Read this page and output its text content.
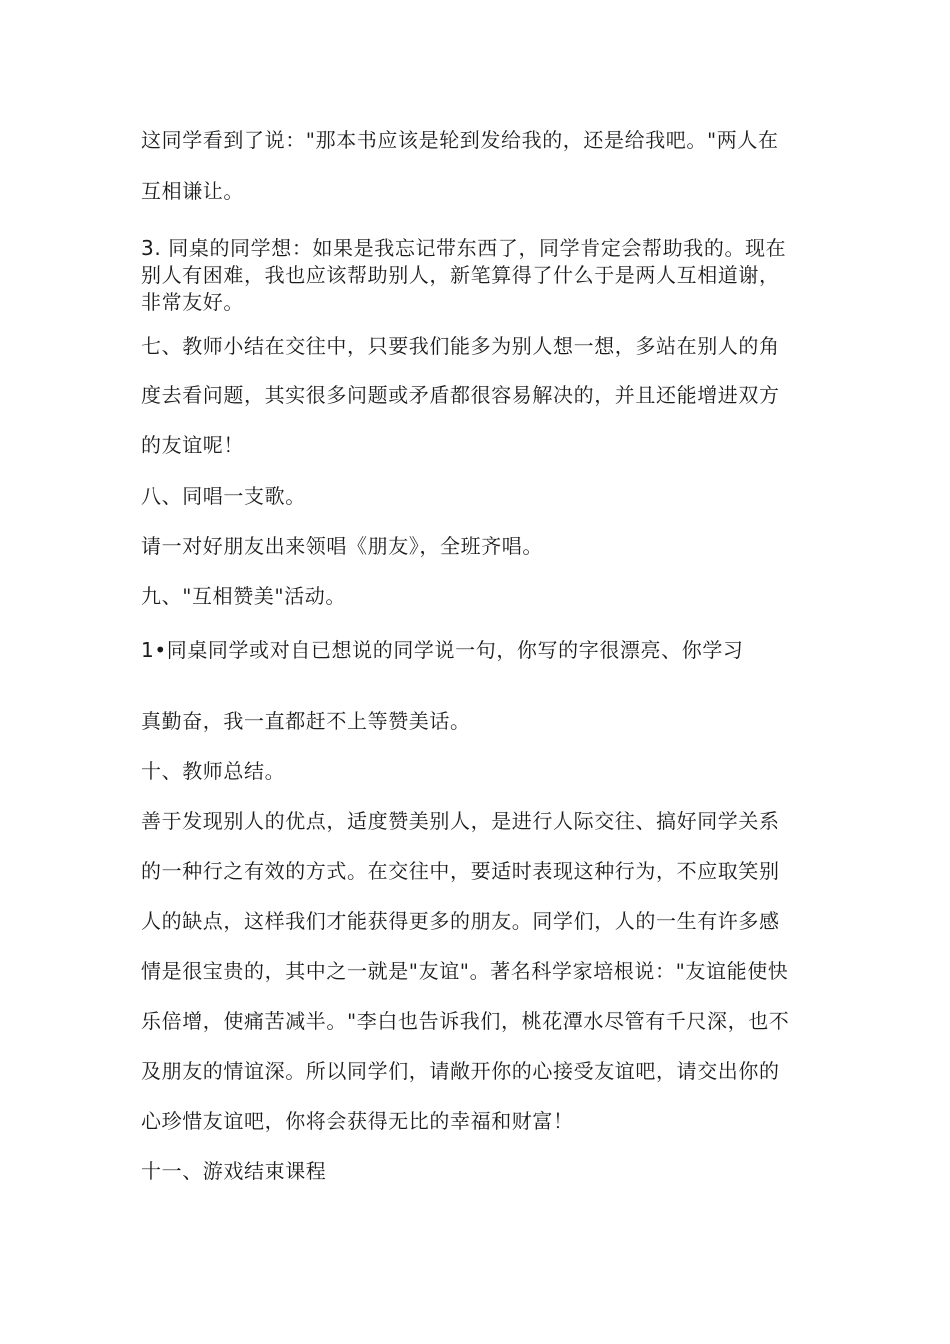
这同学看到了说："那本书应该是轮到发给我的，还是给我吧。"两人在

互相谦让。

3. 同桌的同学想：如果是我忘记带东西了，同学肯定会帮助我的。现在

别人有困难，我也应该帮助别人，新笔算得了什么于是两人互相道谢，

非常友好。

七、教师小结在交往中，只要我们能多为别人想一想，多站在别人的角

度去看问题，其实很多问题或矛盾都很容易解决的，并且还能增进双方

的友谊呢！

八、同唱一支歌。

请一对好朋友出来领唱《朋友》，全班齐唱。

九、"互相赞美"活动。

1•同桌同学或对自已想说的同学说一句，你写的字很漂亮、你学习

真勤奋，我一直都赶不上等赞美话。

十、教师总结。

善于发现别人的优点，适度赞美别人，是进行人际交往、搞好同学关系

的一种行之有效的方式。在交往中，要适时表现这种行为，不应取笑别

人的缺点，这样我们才能获得更多的朋友。同学们，人的一生有许多感

情是很宝贵的，其中之一就是"友谊"。著名科学家培根说："友谊能使快

乐倍增，使痛苦减半。"李白也告诉我们，桃花潭水尽管有千尺深，也不

及朋友的情谊深。所以同学们，请敞开你的心接受友谊吧，请交出你的

心珍惜友谊吧，你将会获得无比的幸福和财富！

十一、游戏结束课程
